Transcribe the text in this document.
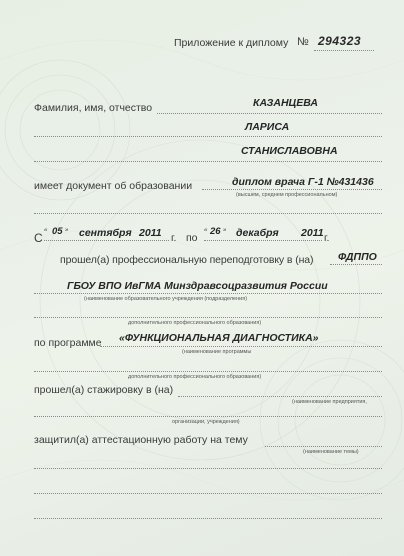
Приложение к диплому № 294323
Фамилия, имя, отчество	КАЗАНЦЕВА
ЛАРИСА
СТАНИСЛАВОВНА
имеет документ об образовании	диплом врача Г-1 №431436
(высшем, среднем профессиональном)
С
« 05 » сентября 2011 г. по
« 26 » декабря 2011 г.
прошел(а) профессиональную переподготовку в (на) ФДППО
ГБОУ ВПО ИвГМА Минздравсоцразвития России
(наименование образовательного учреждения (подразделения)
дополнительного профессионального образования)
по программе «ФУНКЦИОНАЛЬНАЯ ДИАГНОСТИКА»
(наименование программы
дополнительного профессионального образования)
прошел(а) стажировку в (на)
(наименование предприятия,
организации, учреждения)
защитил(а) аттестационную работу на тему
(наименование темы)
